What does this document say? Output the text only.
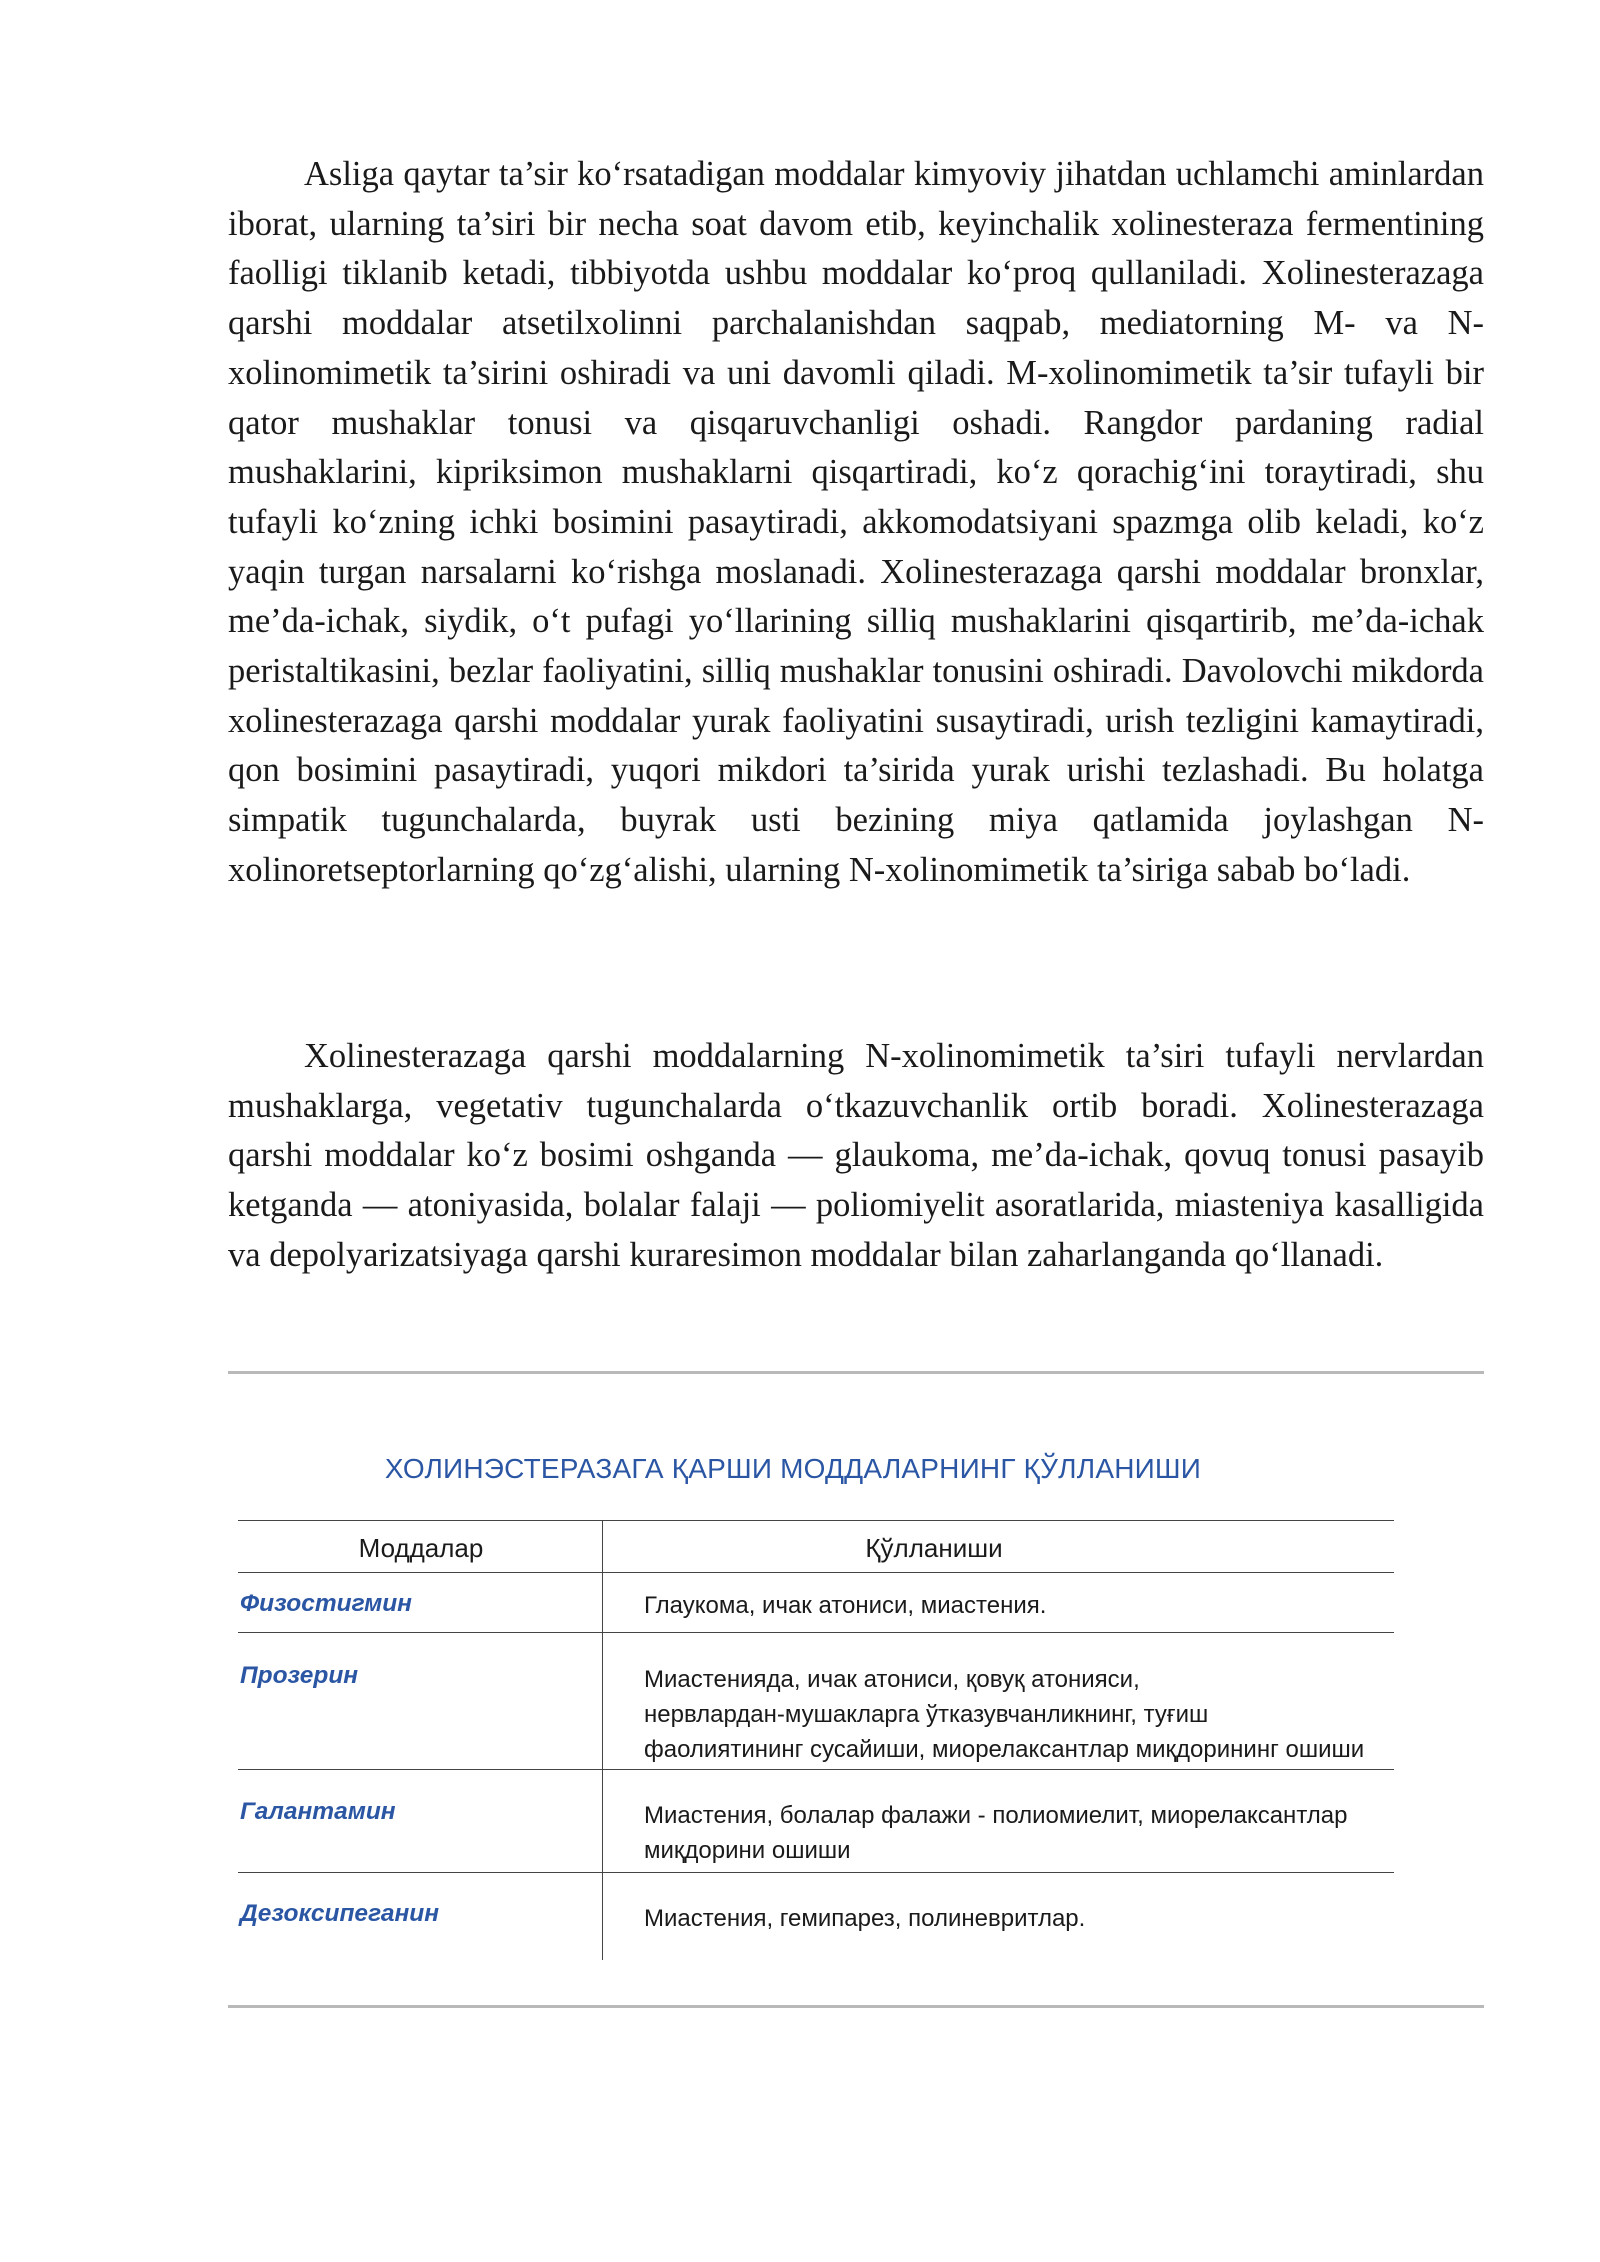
Asliga qaytar ta’sir ko‘rsatadigan moddalar kimyoviy jihatdan uchlamchi aminlardan iborat, ularning ta’siri bir necha soat davom etib, keyinchalik xolinesteraza fermentining faolligi tiklanib ketadi, tibbiyotda ushbu moddalar ko‘proq qullaniladi. Xolinesterazaga qarshi moddalar atsetilxolinni parchalanishdan saqpab, mediatorning M- va N- xolinomimetik ta’sirini oshiradi va uni davomli qiladi. M-xolinomimetik ta’sir tufayli bir qator mushaklar tonusi va qisqaruvchanligi oshadi. Rangdor pardaning radial mushaklarini, kipriksimon mushaklarni qisqartiradi, ko‘z qorachig‘ini toraytiradi, shu tufayli ko‘zning ichki bosimini pasaytiradi, akkomodatsiyani spazmga olib keladi, ko‘z yaqin turgan narsalarni ko‘rishga moslanadi. Xolinesterazaga qarshi moddalar bronxlar, me’da-ichak, siydik, o‘t pufagi yo‘llarining silliq mushaklarini qisqartirib, me’da-ichak peristaltikasini, bezlar faoliyatini, silliq mushaklar tonusini oshiradi. Davolovchi mikdorda xolinesterazaga qarshi moddalar yurak faoliyatini susaytiradi, urish tezligini kamaytiradi, qon bosimini pasaytiradi, yuqori mikdori ta’sirida yurak urishi tezlashadi. Bu holatga simpatik tugunchalarda, buyrak usti bezining miya qatlamida joylashgan N-xolinoretseptorlarning qo‘zg‘alishi, ularning N-xolinomimetik ta’siriga sabab bo‘ladi.

Xolinesterazaga qarshi moddalarning N-xolinomimetik ta’siri tufayli nervlardan mushaklarga, vegetativ tugunchalarda o‘tkazuvchanlik ortib boradi. Xolinesterazaga qarshi moddalar ko‘z bosimi oshganda — glaukoma, me’da-ichak, qovuq tonusi pasayib ketganda — atoniyasida, bolalar falaji — poliomiyelit asoratlarida, miasteniya kasalligida va depolyarizatsiyaga qarshi kuraresimon moddalar bilan zaharlanganda qo‘llanadi.

ХОЛИНЭСТЕРАЗАГА ҚАРШИ МОДДАЛАРНИНГ ҚЎЛЛАНИШИ
Моддалар	Қўлланиши
Физостигмин	Глаукома, ичак атониси, миастения.
Прозерин	Миастенияда, ичак атониси, қовуқ атонияси,
нервлардан-мушакларга ўтказувчанликнинг, туғиш
фаолиятининг сусайиши, миорелаксантлар миқдорининг ошиши
Галантамин	Миастения, болалар фалажи - полиомиелит, миорелаксантлар
миқдорини ошиши
Дезоксипеганин	Миастения, гемипарез, полиневритлар.
